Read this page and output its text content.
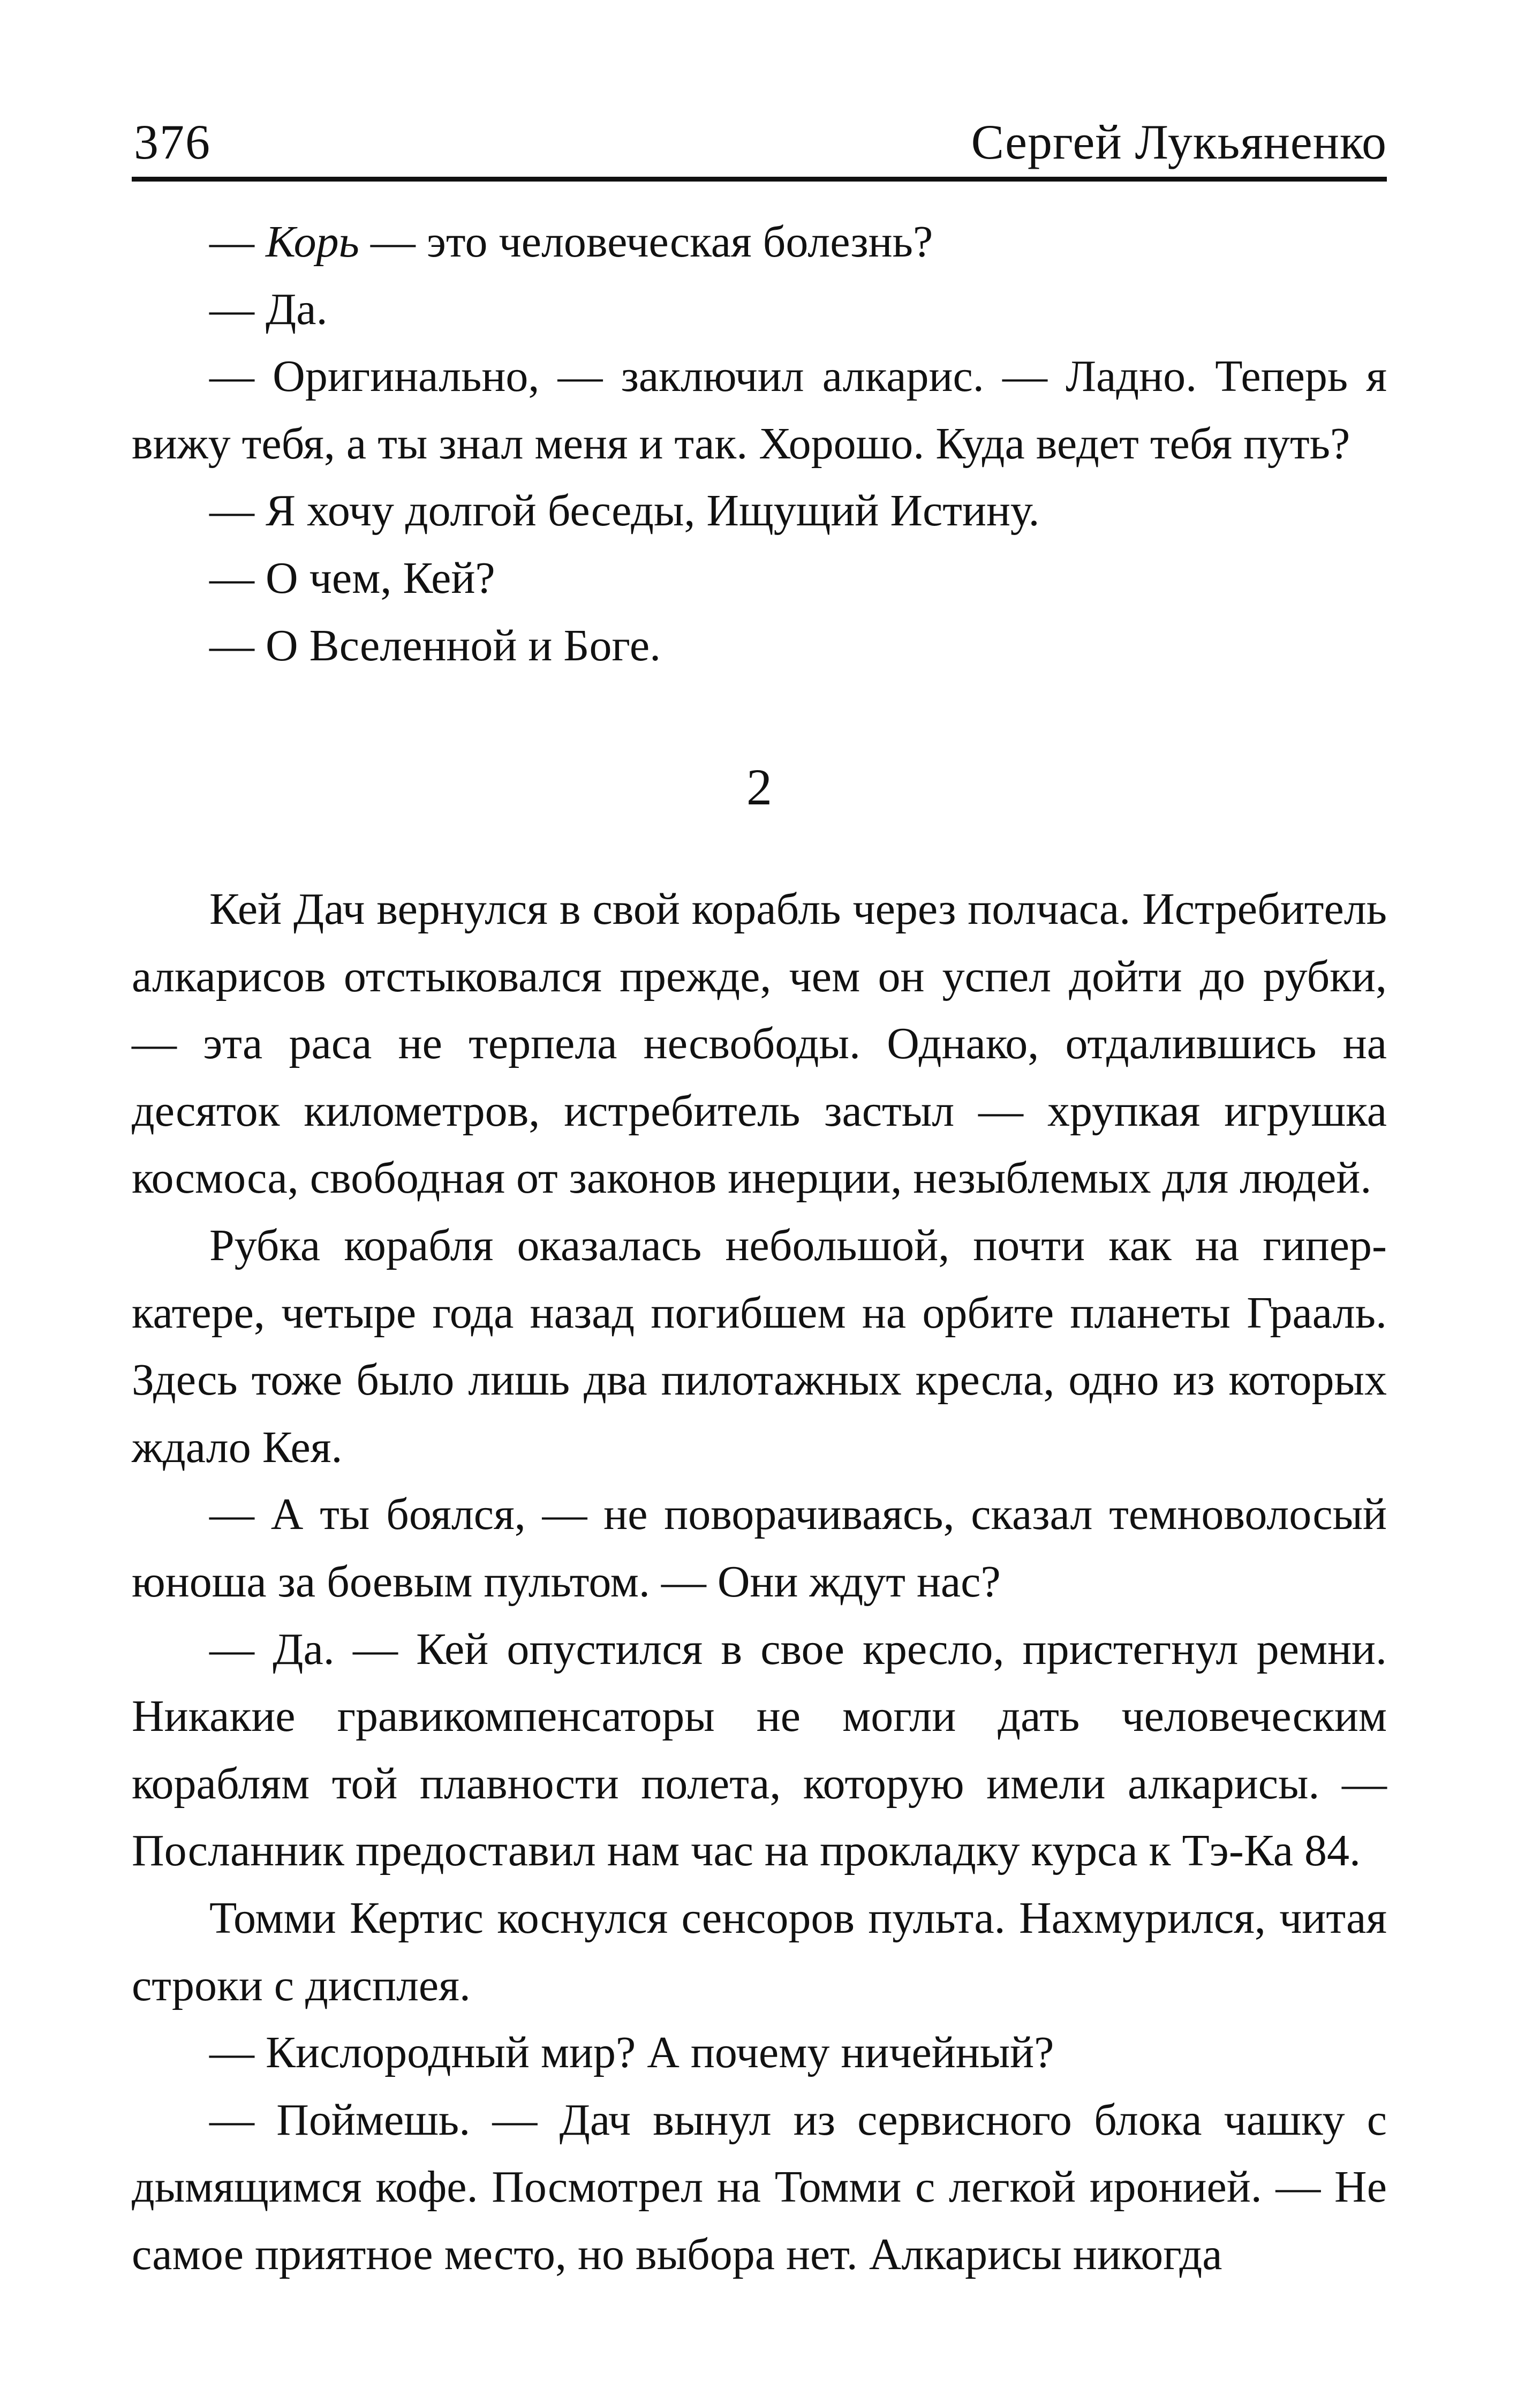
376	Сергей Лукьяненко

— Корь — это человеческая болезнь?

— Да.

— Оригинально, — заключил алкарис. — Ладно. Теперь я вижу тебя, а ты знал меня и так. Хорошо. Куда ведет тебя путь?

— Я хочу долгой беседы, Ищущий Истину.

— О чем, Кей?

— О Вселенной и Боге.

2

Кей Дач вернулся в свой корабль через полчаса. Истребитель алкарисов отстыковался прежде, чем он успел дойти до рубки, — эта раса не терпела несвободы. Однако, отдалившись на десяток километров, истребитель застыл — хрупкая игрушка космоса, свободная от законов инерции, незыблемых для людей.

Рубка корабля оказалась небольшой, почти как на гиперкатере, четыре года назад погибшем на орбите планеты Грааль. Здесь тоже было лишь два пилотажных кресла, одно из которых ждало Кея.

— А ты боялся, — не поворачиваясь, сказал темноволосый юноша за боевым пультом. — Они ждут нас?

— Да. — Кей опустился в свое кресло, пристегнул ремни. Никакие гравикомпенсаторы не могли дать человеческим кораблям той плавности полета, которую имели алкарисы. — Посланник предоставил нам час на прокладку курса к Тэ-Ка 84.

Томми Кертис коснулся сенсоров пульта. Нахмурился, читая строки с дисплея.

— Кислородный мир? А почему ничейный?

— Поймешь. — Дач вынул из сервисного блока чашку с дымящимся кофе. Посмотрел на Томми с легкой иронией. — Не самое приятное место, но выбора нет. Алкарисы никогда
